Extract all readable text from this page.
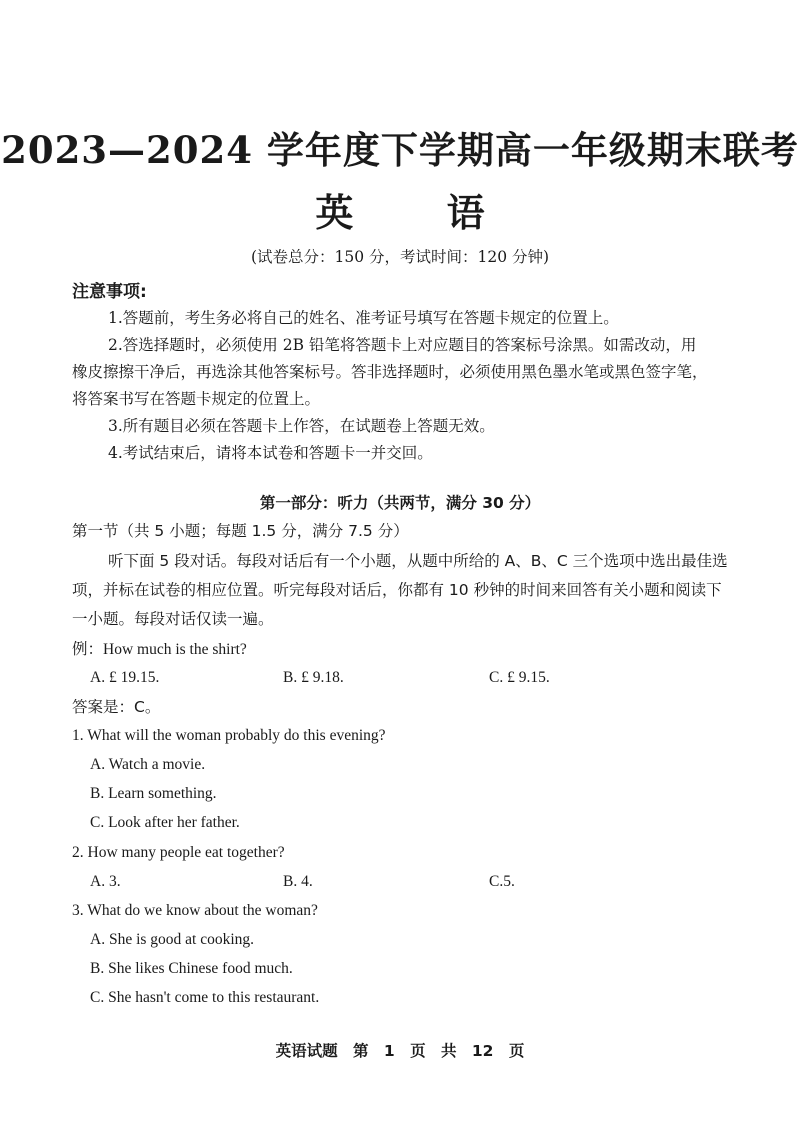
2023—2024 学年度下学期高一年级期末联考
英 语
(试卷总分：150 分，考试时间：120 分钟)
注意事项:
1.答题前，考生务必将自己的姓名、准考证号填写在答题卡规定的位置上。
2.答选择题时，必须使用 2B 铅笔将答题卡上对应题目的答案标号涂黑。如需改动，用
橡皮擦擦干净后，再选涂其他答案标号。答非选择题时，必须使用黑色墨水笔或黑色签字笔，
将答案书写在答题卡规定的位置上。
3.所有题目必须在答题卡上作答，在试题卷上答题无效。
4.考试结束后，请将本试卷和答题卡一并交回。
第一部分：听力（共两节，满分 30 分）
第一节（共 5 小题；每题 1.5 分，满分 7.5 分）
听下面 5 段对话。每段对话后有一个小题，从题中所给的 A、B、C 三个选项中选出最佳选
项，并标在试卷的相应位置。听完每段对话后，你都有 10 秒钟的时间来回答有关小题和阅读下
一小题。每段对话仅读一遍。
例：How much is the shirt?
A. £ 19.15.	B. £ 9.18.	C. £ 9.15.
答案是：C。
1. What will the woman probably do this evening?
A. Watch a movie.
B. Learn something.
C. Look after her father.
2. How many people eat together?
A. 3.	B. 4.	C.5.
3. What do we know about the woman?
A. She is good at cooking.
B. She likes Chinese food much.
C. She hasn't come to this restaurant.
英语试题 第 1 页 共 12 页
